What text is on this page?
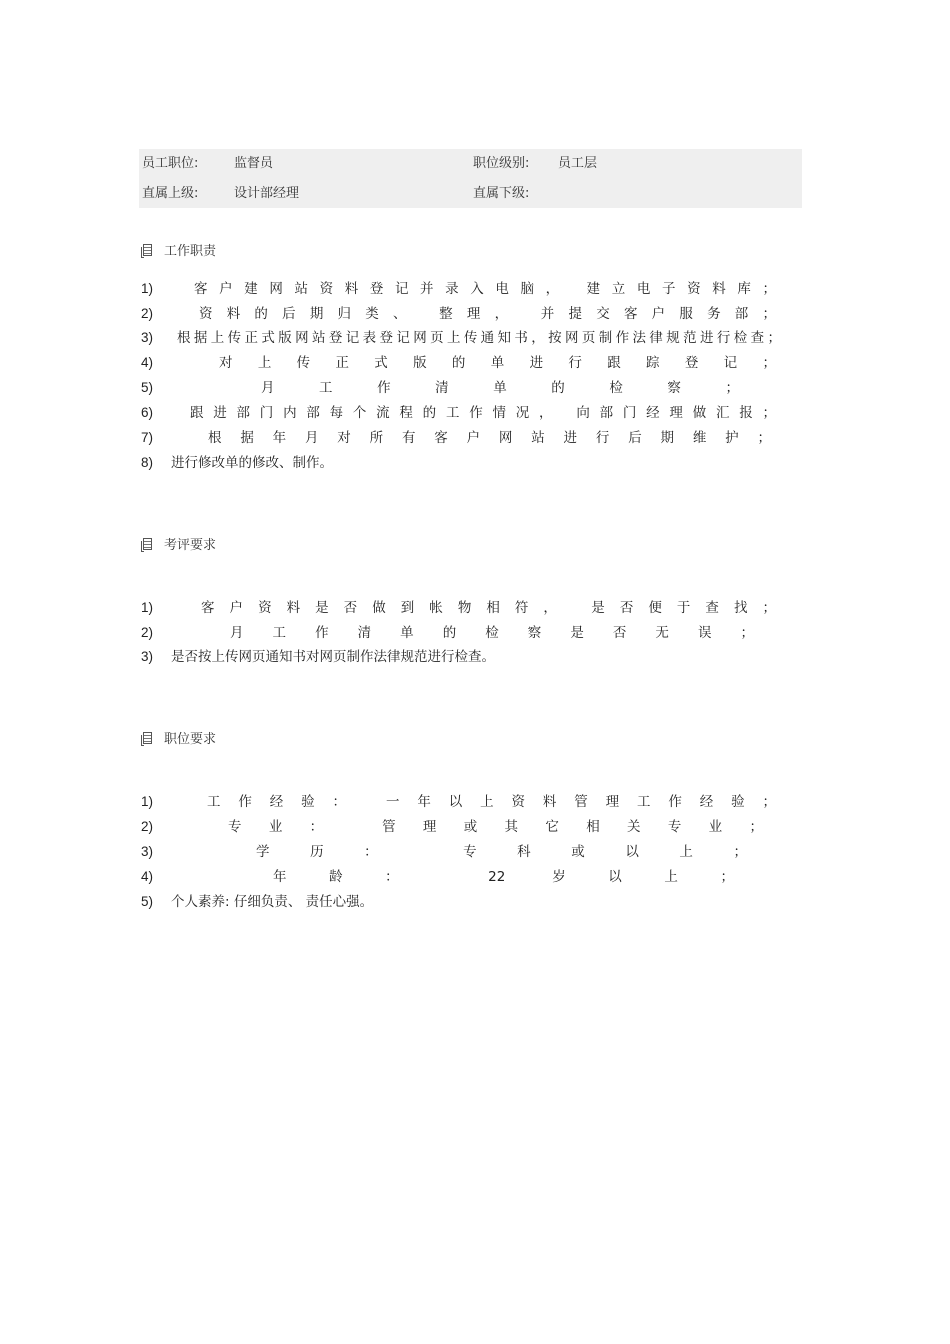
员工职位:	监督员	职位级别: 员工层
直属上级:	设计部经理	直属下级:
工作职责
1)	客户建网站资料登记并录入电脑， 建立电子资料库；
2)	资料的后期归类、 整理， 并提交客户服务部；
3) 根据上传正式版网站登记表登记网页上传通知书，按网页制作法律规范进行检查；
4)	对上传正式版的单进行跟踪登记；
5)	月工作清单的检察；
6)	跟进部门内部每个流程的工作情况， 向部门经理做汇报；
7)	根据年月对所有客户网站进行后期维护；
8) 进行修改单的修改、制作。
考评要求
1)	客户资料是否做到帐物相符， 是否便于查找；
2)	月工作清单的检察是否无误；
3) 是否按上传网页通知书对网页制作法律规范进行检查。
职位要求
1)	工作经验： 一年以上资料管理工作经验；
2)	专业： 管理或其它相关专业；
3)	学历： 专科或以上；
4)	年龄： 22 岁以上；
5) 个人素养: 仔细负责、 责任心强。
